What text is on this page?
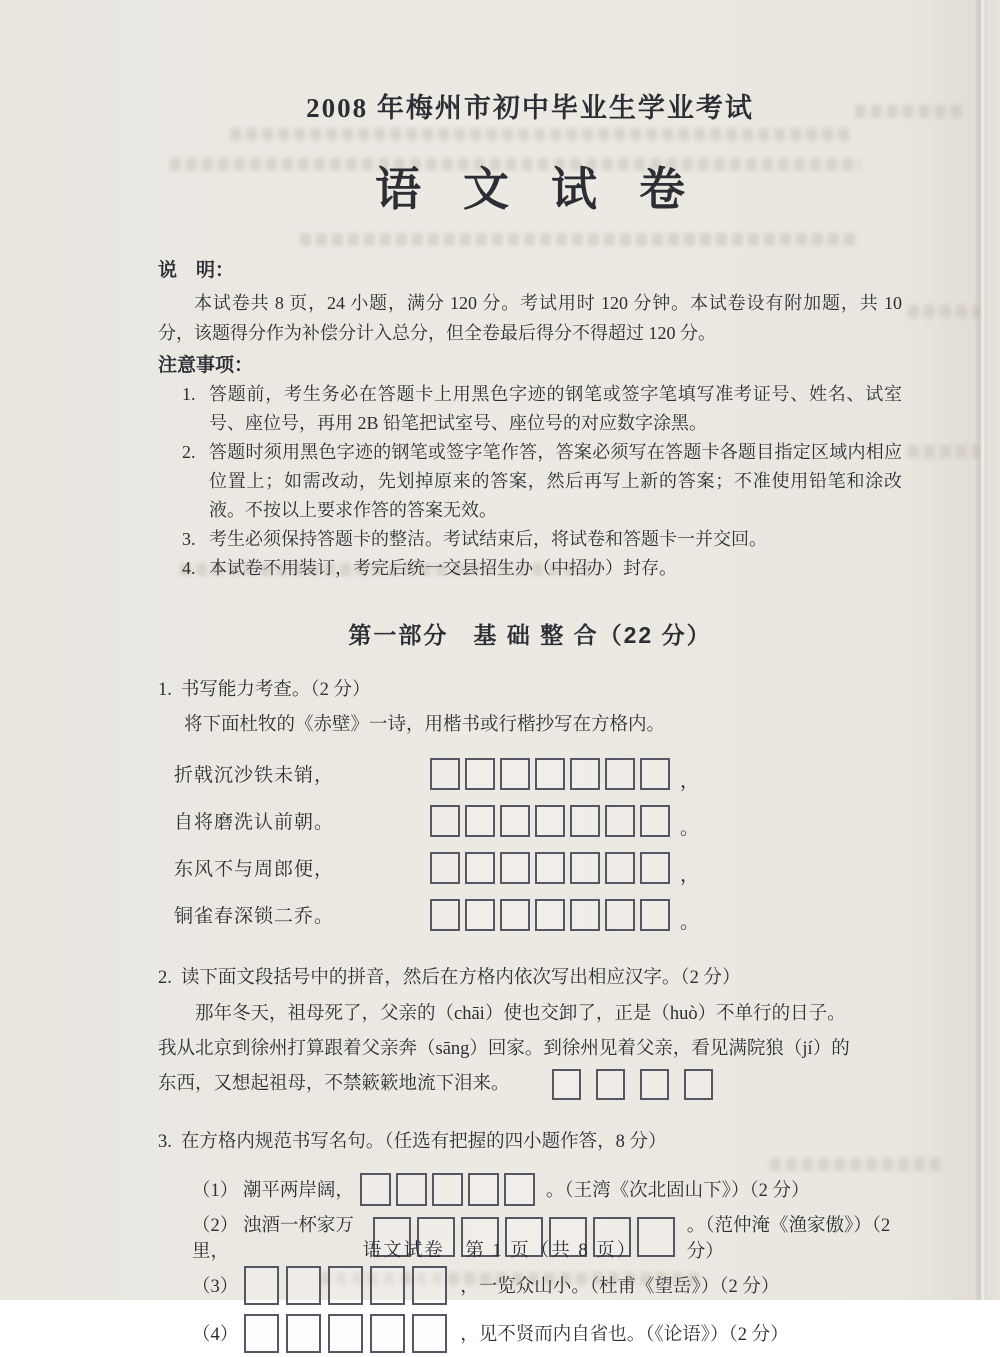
2008 年梅州市初中毕业生学业考试
语文试卷
说　明：

本试卷共 8 页，24 小题，满分 120 分。考试用时 120 分钟。本试卷设有附加题，共 10 分，该题得分作为补偿分计入总分，但全卷最后得分不得超过 120 分。

注意事项：
1. 答题前，考生务必在答题卡上用黑色字迹的钢笔或签字笔填写准考证号、姓名、试室号、座位号，再用 2B 铅笔把试室号、座位号的对应数字涂黑。
2. 答题时须用黑色字迹的钢笔或签字笔作答，答案必须写在答题卡各题目指定区域内相应位置上；如需改动，先划掉原来的答案，然后再写上新的答案；不准使用铅笔和涂改液。不按以上要求作答的答案无效。
3. 考生必须保持答题卡的整洁。考试结束后，将试卷和答题卡一并交回。
4. 本试卷不用装订，考完后统一交县招生办（中招办）封存。
第一部分　基 础 整 合（22 分）

1. 书写能力考查。（2 分）

将下面杜牧的《赤壁》一诗，用楷书或行楷抄写在方格内。

折戟沉沙铁未销，	，
自将磨洗认前朝。	。
东风不与周郎便，	，
铜雀春深锁二乔。	。

2. 读下面文段括号中的拼音，然后在方格内依次写出相应汉字。（2 分）

那年冬天，祖母死了，父亲的（chāi）使也交卸了，正是（huò）不单行的日子。
我从北京到徐州打算跟着父亲奔（sāng）回家。到徐州见着父亲，看见满院狼（jí）的
东西，又想起祖母，不禁簌簌地流下泪来。

3. 在方格内规范书写名句。（任选有把握的四小题作答，8 分）

（1） 潮平两岸阔，	。（王湾《次北固山下》）（2 分）
（2） 浊酒一杯家万里，
。（范仲淹《渔家傲》）（2 分）
（3）	，一览众山小。（杜甫《望岳》）（2 分）
（4）	，见不贤而内自省也。（《论语》）（2 分）
语文试卷　第 1 页（共 8 页）
